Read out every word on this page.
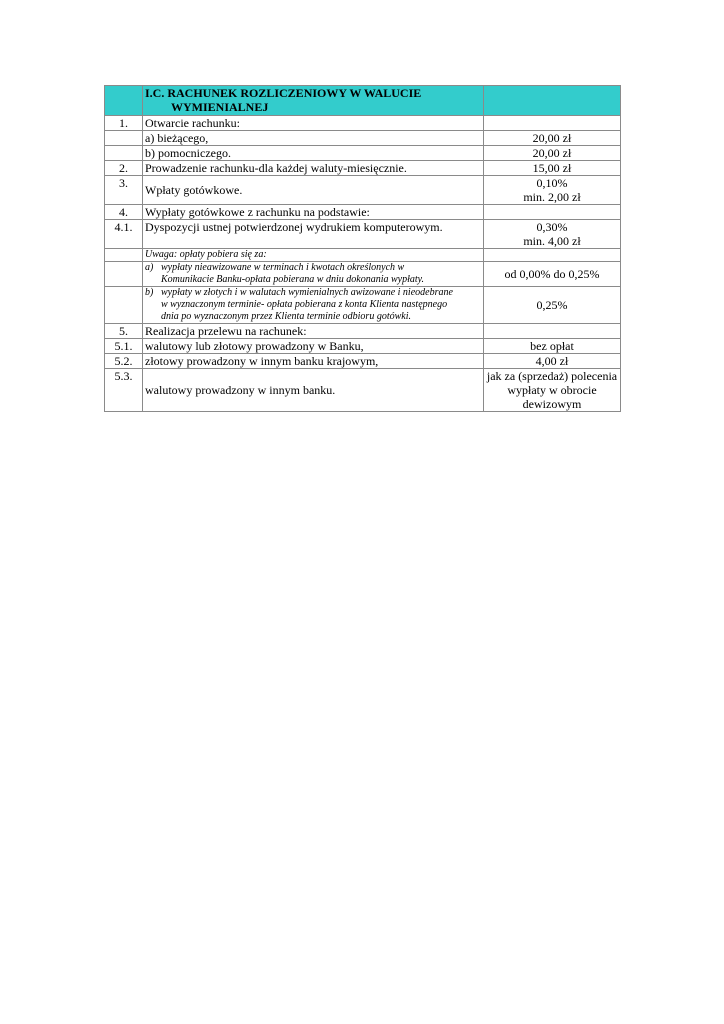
	I.C. RACHUNEK ROZLICZENIOWY W WALUCIE
WYMIENIALNEJ	

1.	Otwarcie rachunku:	
	a) bieżącego,	20,00 zł
	b) pomocniczego.	20,00 zł
2.	Prowadzenie rachunku-dla każdej waluty-miesięcznie.	15,00 zł
3.	Wpłaty gotówkowe.	0,10%
min. 2,00 zł

4.	Wypłaty gotówkowe z rachunku na podstawie:	
4.1.	Dyspozycji ustnej potwierdzonej wydrukiem komputerowym.	0,30%
min. 4,00 zł

	Uwaga: opłaty pobiera się za:	

	a) wypłaty nieawizowane w terminach i kwotach określonych w
Komunikacie Banku-opłata pobierana w dniu dokonania wypłaty.	od 0,00% do 0,25%

	b) wypłaty w złotych i w walutach wymienialnych awizowane i nieodebrane
w wyznaczonym terminie- opłata pobierana z konta Klienta następnego
dnia po wyznaczonym przez Klienta terminie odbioru gotówki.	0,25%
5.	Realizacja przelewu na rachunek:	
5.1.	walutowy lub złotowy prowadzony w Banku,	bez opłat
5.2.	złotowy prowadzony w innym banku krajowym,	4,00 zł
5.3.	walutowy prowadzony w innym banku.	jak za (sprzedaż) polecenia
wypłaty w obrocie
dewizowym
